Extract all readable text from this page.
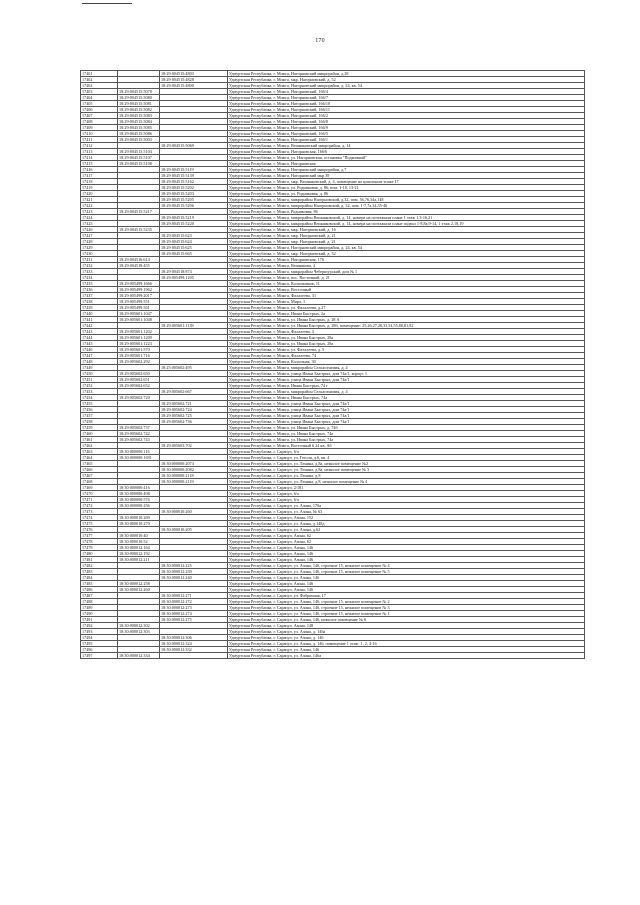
170
17401		18:29:004515:4803	Удмуртская Республика, г. Можга, Нагорновский микрорайон, д.28
17402		18:29:004515:4828	Удмуртская Республика, г. Можга, мкр. Нагорновский, д. 52
17402		18:29:004515:4800	Удмуртская Республика, г. Можга, Нагорновский микрорайон, д. 24, кв. 54
17403	18:29:004515:5078		Удмуртская Республика, г. Можга, Нагорновский, 166/4
17404	18:29:004515:5080		Удмуртская Республика, г. Можга, Нагорновский, 166/7
17405	18:29:004515:5081		Удмуртская Республика, г. Можга, Нагорновский, 166/10
17406	18:29:004515:5082		Удмуртская Республика, г. Можга, Нагорновский, 166/11
17407	18:29:004515:5083		Удмуртская Республика, г. Можга, Нагорновский, 166/2
17408	18:29:004515:5084		Удмуртская Республика, г. Можга, Нагорновский, 166/8
17409	18:29:004515:5085		Удмуртская Республика, г. Можга, Нагорновский, 166/9
17410	18:29:004515:5086		Удмуртская Республика, г. Можга, Нагорновский, 166/5
17411	18:29:004515:5003		Удмуртская Республика, г. Можга, Нагорновский, 166/1
17412		18:29:004515:5069	Удмуртская Республика, г. Можга, Вешняковский микрорайон, д. 14
17413	18:29:004515:5104		Удмуртская Республика, г. Можга, Нагорновская, 166/6
17414	18:29:004515:5107		Удмуртская Республика, г. Можга, ул. Нагорновская, остановка "Подкомный"
17415	18:29:004515:5108		Удмуртская Республика, г. Можга, Нагорновская
17416		18:29:004515:5119	Удмуртская Республика, г. Можга, Нагорновский микрорайон, д.7
17417		18:29:004515:5139	Удмуртская Республика, г. Можга, Нагорновский мкр.39
17418		18:29:004515:5162	Удмуртская Республика, г. Можга, мкр. Вешняковский, д. 4, помещение на цокольном этаже 17
17419		18:29:004515:5202	Удмуртская Республика, г. Можга, ул. Родниковая, д. 86, пом. 1-10, 13-21
17420		18:29:004515:5203	Удмуртская Республика, г. Можга, ул. Родниковая, д. 86
17421		18:29:004515:5205	Удмуртская Республика, г. Можга, микрорайон Нагорновский, д.32, пом. 56,76,34а,148
17422		18:29:004515:5206	Удмуртская Республика, г. Можга, микрорайон Нагорновский, д. 32, пом. 1-7,7а,34,35-46
17423	18:29:004515:5217		Удмуртская Республика, г. Можга, Родниковая, 86
17424		18:29:004515:5219	Удмуртская Республика, г. Можга, микрорайон Вешняковский, д. 14, номера на поэтажном плане 1 этаж 1,3-16,21
17425		18:29:004515:5220	Удмуртская Республика, г. Можга, микрорайон Вешняковский, д. 14, номера на поэтажном плане подвал 1-8,8а,9-14, 1 этаж 2,18,19
17426	18:29:004515:5235		Удмуртская Республика, г. Можга, мкр. Нагорновский, д. 16
17427		18:29:004515:623	Удмуртская Республика, г. Можга, мкр. Нагорновский, д. 21
17428		18:29:004515:624	Удмуртская Республика, г. Можга, мкр. Нагорновский, д. 21
17429		18:29:004515:625	Удмуртская Республика, г. Можга, Нагорновский микрорайон, д. 24, кв. 54
17430		18:29:004515:665	Удмуртская Республика, г. Можга, мкр. Нагорновский, д. 32
17431	18:29:004516:614		Удмуртская Республика, г. Можга, Нагорновская, 176
17432	18:29:004518:455		Удмуртская Республика, г. Можга, Вешняковa, 4
17433		18:29:004518:874	Удмуртская Республика, г. Можга, микрорайон Чебершурский, дом № 1
17434		18:29:005499:1205	Удмуртская Республика, г. Можга, пос. Восточный, д. 21
17435	18:29:005499:1666		Удмуртская Республика, г. Можга, Колхозников, 11
17436	18:29:005499:1962		Удмуртская Республика, г. Можга, Восточный
17437	18:29:005499:2017		Удмуртская Республика, г. Можга, Фалалеева, 31
17438	18:29:005499:551		Удмуртская Республика, г. Можга, Мира, 1
17439	18:29:005499:561		Удмуртская Республика, г. Можга, ул. Фалалеева, д.27
17440	18:29:005601:1047		Удмуртская Республика, г. Можга, Ивана Быстрых, 2а
17441	18:29:005601:1048		Удмуртская Республика, г. Можга, ул. Ивана Быстрых, д. 28 А
17442		18:29:005601:1139	Удмуртская Республика, г. Можга, ул. Ивана Быстрых, д. 28б, помещение: 25,26,27,28,33,54,55,80,81,82
17443	18:29:005601:1202		Удмуртская Республика, г. Можга, Фалалеева, 3
17444	18:29:005601:1209		Удмуртская Республика, г. Можга, ул. Ивана Быстрых, 28а
17445	18:29:005601:1223		Удмуртская Республика, г. Можга, ул. Ивана Быстрых, 28а
17446	18:29:005601:570		Удмуртская Республика, г. Можга, ул. Фалалеева, д. 5
17447	18:29:005601:716		Удмуртская Республика, г. Можга, Фалалеева, 74
17448	18:29:005602:292		Удмуртская Республика, г. Можга, Колхозная, 30
17449		18:25:005602:495	Удмуртская Республика, г. Можга, микрорайон Сельхозхимия, д. 4
17450	18:29:005602:650		Удмуртская Республика, г. Можга, улица Ивана Быстрых, дом 74а/1, корпус 1
17451	18:29:005602:651		Удмуртская Республика, г. Можга, улица Ивана Быстрых, дом 74а/1
17452	18:29:005602:652		Удмуртская Республика, г. Можга, Ивана Быстрых, 74 г
17453		18:29:005602:667	Удмуртская Республика, г. Можга, микрорайон Сельхозхимия, д. 4
17454	18:29:005602:720		Удмуртская Республика, г. Можга, Ивана Быстрых, 74а
17455		18:29:005602:721	Удмуртская Республика, г. Можга, улица Ивана Быстрых, дом 74а/1
17456		18:29:005602:724	Удмуртская Республика, г. Можга, улица Ивана Быстрых, дом 74а/1
17457		18:29:005602:725	Удмуртская Республика, г. Можга, улица Ивана Быстрых, дом 74а/1
17458		18:29:005602:736	Удмуртская Республика, г. Можга, улица Ивана Быстрых, дом 74а/1
17459	18:29:005602:737		Удмуртская Республика, г. Можга, ул. Ивана Быстрых, д. 74б
17460	18:29:005602:742		Удмуртская Республика, г. Можга, ул. Ивана Быстрых, 74а
17461	18:29:005602:743		Удмуртская Республика, г. Можга, ул. Ивана Быстрых, 74а
17462		18:29:005603:702	Удмуртская Республика, г. Можга, Восточный 6 24 кв. А6
17463	18:30:000000:116		Удмуртская Республика, г. Сарапул, 6/а
17464	18:30:000000:1691		Удмуртская Республика, г. Сарапул, ул. Гоголя, д.6, кв. 4
17465		18:30:000000:2074	Удмуртская Республика, г. Сарапул, ул. Ленина, д.8а, нежилое помещение №2
17466		18:30:000000:2082	Удмуртская Республика, г. Сарапул, ул. Ленина, д.8а, нежилое помещение № 3
17467		18:30:000000:2118	Удмуртская Республика, г. Сарапул, ул. Ленина, д.8
17468		18:30:000000:2119	Удмуртская Республика, г. Сарапул, ул. Ленина, д.8, нежилое помещение № 4
17469	18:30:000000:416		Удмуртская Республика, г. Сарапул, 2/181
17470	18:30:000000:498		Удмуртская Республика, г. Сарапул, 6/а
17471	18:30:000000:576		Удмуртская Республика, г. Сарапул, 6/а
17472	18:30:000000:256		Удмуртская Республика, г. Сарапул, ул. Азина, 176а
17473		18:30:000010:260	Удмуртская Республика, г. Сарапул, ул. Азина, № 63
17474	18:30:000010:269		Удмуртская Республика, г. Сарапул, Азина, 152
17475	18:30:000010:270		Удмуртская Республика, г. Сарапул, ул. Азина, д.148д
17476		18:30:000010:205	Удмуртская Республика, г. Сарапул, ул. Азина, д.62
17477	18:30:000010:40		Удмуртская Республика, г. Сарапул, Азина, 62
17478	18:30:000010:52		Удмуртская Республика, г. Сарапул, Азина, 62
17479	18:30:000012:164		Удмуртская Республика, г. Сарапул, Азина, 146
17480	18:30:000012:192		Удмуртская Республика, г. Сарапул, Азина, 146
17481	18:30:000012:211		Удмуртская Республика, г. Сарапул, Азина, 146
17482		18:30:000012:225	Удмуртская Республика, г. Сарапул, ул. Азина, 146, строение 15, нежилое помещение № 4
17483		18:30:000012:239	Удмуртская Республика, г. Сарапул, ул. Азина, 146, строение 15, нежилое помещение № 5
17484		18:30:000012:240	Удмуртская Республика, г. Сарапул, ул. Азина, 146
17485	18:30:000012:258		Удмуртская Республика, г. Сарапул, Азина, 146
17486	18:30:000012:260		Удмуртская Республика, г. Сарапул, Азина, 146
17487		18:30:000012:271	Удмуртская Республика, г. Сарапул, ул. Фабричная, 17
17488		18:30:000012:272	Удмуртская Республика, г. Сарапул, ул. Азина, 146, строение 15, нежилое помещение № 2
17489		18:30:000012:273	Удмуртская Республика, г. Сарапул, ул. Азина, 146, строение 15, нежилое помещение № 3
17490		18:30:000012:274	Удмуртская Республика, г. Сарапул, ул. Азина, 146, строение 15, нежилое помещение № 1
17491		18:30:000012:275	Удмуртская Республика, г. Сарапул, ул. Азина, 146, нежилое помещение № 6
17492	18:30:000012:302		Удмуртская Республика, г. Сарапул, Азина, 148
17493	18:30:000012:303		Удмуртская Республика, г. Сарапул, ул. Азина, д. 146а
17494		18:30:000012:306	Удмуртская Республика, г. Сарапул, ул. Азина, д. 146
17495		18:30:000012:324	Удмуртская Республика, г. Сарапул, ул. Азина, д. 146, помещение 1 этаж: 1, 2, 4-16
17496		18:30:000012:332	Удмуртская Республика, г. Сарапул, ул. Азина, 146
17497	18:30:000012:334		Удмуртская Республика, г. Сарапул, ул. Азина, 146а
